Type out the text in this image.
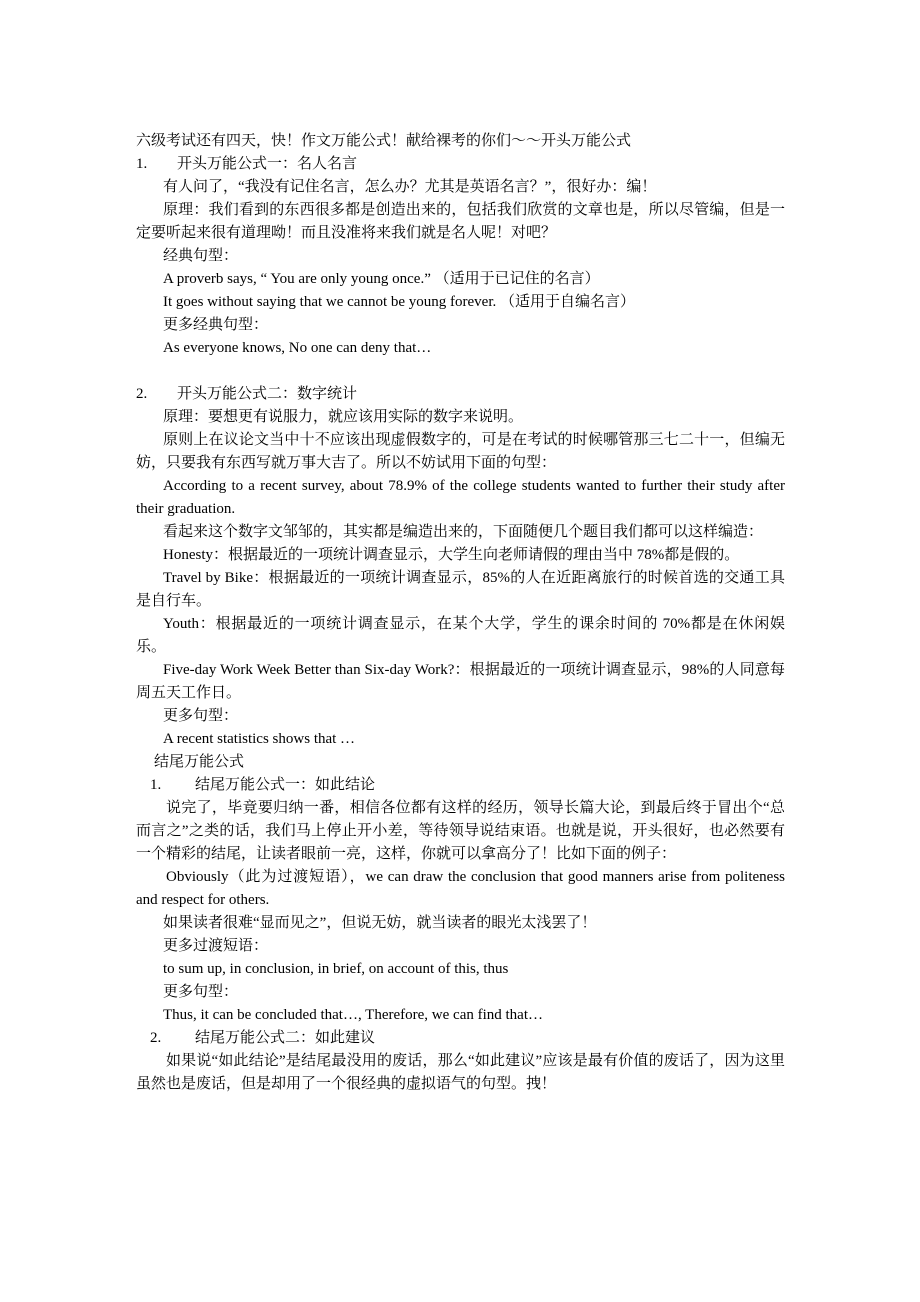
六级考试还有四天，快！作文万能公式！献给裸考的你们～～开头万能公式

1. 开头万能公式一：名人名言

有人问了，“我没有记住名言，怎么办？尤其是英语名言？”，很好办：编！

原理：我们看到的东西很多都是创造出来的，包括我们欣赏的文章也是，所以尽管编，但是一定要听起来很有道理呦！而且没准将来我们就是名人呢！对吧？

经典句型：

A proverb says, “ You are only young once.” （适用于已记住的名言）

It goes without saying that we cannot be young forever. （适用于自编名言）

更多经典句型：

As everyone knows, No one can deny that…

2. 开头万能公式二：数字统计

原理：要想更有说服力，就应该用实际的数字来说明。

原则上在议论文当中十不应该出现虚假数字的，可是在考试的时候哪管那三七二十一，但编无妨，只要我有东西写就万事大吉了。所以不妨试用下面的句型：

According to a recent survey, about 78.9% of the college students wanted to further their study after their graduation.

看起来这个数字文邹邹的，其实都是编造出来的，下面随便几个题目我们都可以这样编造：

Honesty：根据最近的一项统计调查显示，大学生向老师请假的理由当中 78%都是假的。

Travel by Bike：根据最近的一项统计调查显示，85%的人在近距离旅行的时候首选的交通工具是自行车。

Youth：根据最近的一项统计调查显示，在某个大学，学生的课余时间的 70%都是在休闲娱乐。

Five-day Work Week Better than Six-day Work?：根据最近的一项统计调查显示，98%的人同意每周五天工作日。

更多句型：

A recent statistics shows that …

结尾万能公式

1. 结尾万能公式一：如此结论

说完了，毕竟要归纳一番，相信各位都有这样的经历，领导长篇大论，到最后终于冒出个“总而言之”之类的话，我们马上停止开小差，等待领导说结束语。也就是说，开头很好，也必然要有一个精彩的结尾，让读者眼前一亮，这样，你就可以拿高分了！比如下面的例子：

Obviously（此为过渡短语），we can draw the conclusion that good manners arise from politeness and respect for others.

如果读者很难“显而见之”，但说无妨，就当读者的眼光太浅罢了！

更多过渡短语：

to sum up, in conclusion, in brief, on account of this, thus

更多句型：

Thus, it can be concluded that…, Therefore, we can find that…

2. 结尾万能公式二：如此建议

如果说“如此结论”是结尾最没用的废话，那么“如此建议”应该是最有价值的废话了，因为这里虽然也是废话，但是却用了一个很经典的虚拟语气的句型。拽！
